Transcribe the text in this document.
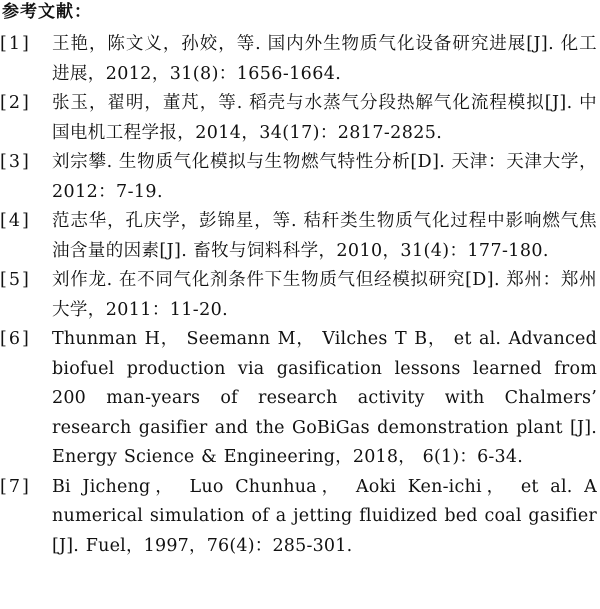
参考文献：
[1]	王艳，陈文义，孙姣，等. 国内外生物质气化设备研究进展[J]. 化工进展，2012，31(8)：1656-1664.
[2]	张玉，翟明，董芃，等. 稻壳与水蒸气分段热解气化流程模拟[J]. 中国电机工程学报，2014，34(17)：2817-2825.
[3]	刘宗攀. 生物质气化模拟与生物燃气特性分析[D]. 天津：天津大学，2012：7-19.
[4]	范志华，孔庆学，彭锦星，等. 秸秆类生物质气化过程中影响燃气焦油含量的因素[J]. 畜牧与饲料科学，2010，31(4)：177-180.
[5]	刘作龙. 在不同气化剂条件下生物质气但经模拟研究[D]. 郑州：郑州大学，2011：11-20.
[6]	Thunman H， Seemann M， Vilches T B， et al. Advanced biofuel production via gasification lessons learned from 200 man-years of research activity with Chalmers’ research gasifier and the GoBiGas demonstration plant [J]. Energy Science & Engineering，2018， 6(1)：6-34.
[7]	Bi Jicheng， Luo Chunhua， Aoki Ken-ichi， et al. A numerical simulation of a jetting fluidized bed coal gasifier [J]. Fuel，1997，76(4)：285-301.
